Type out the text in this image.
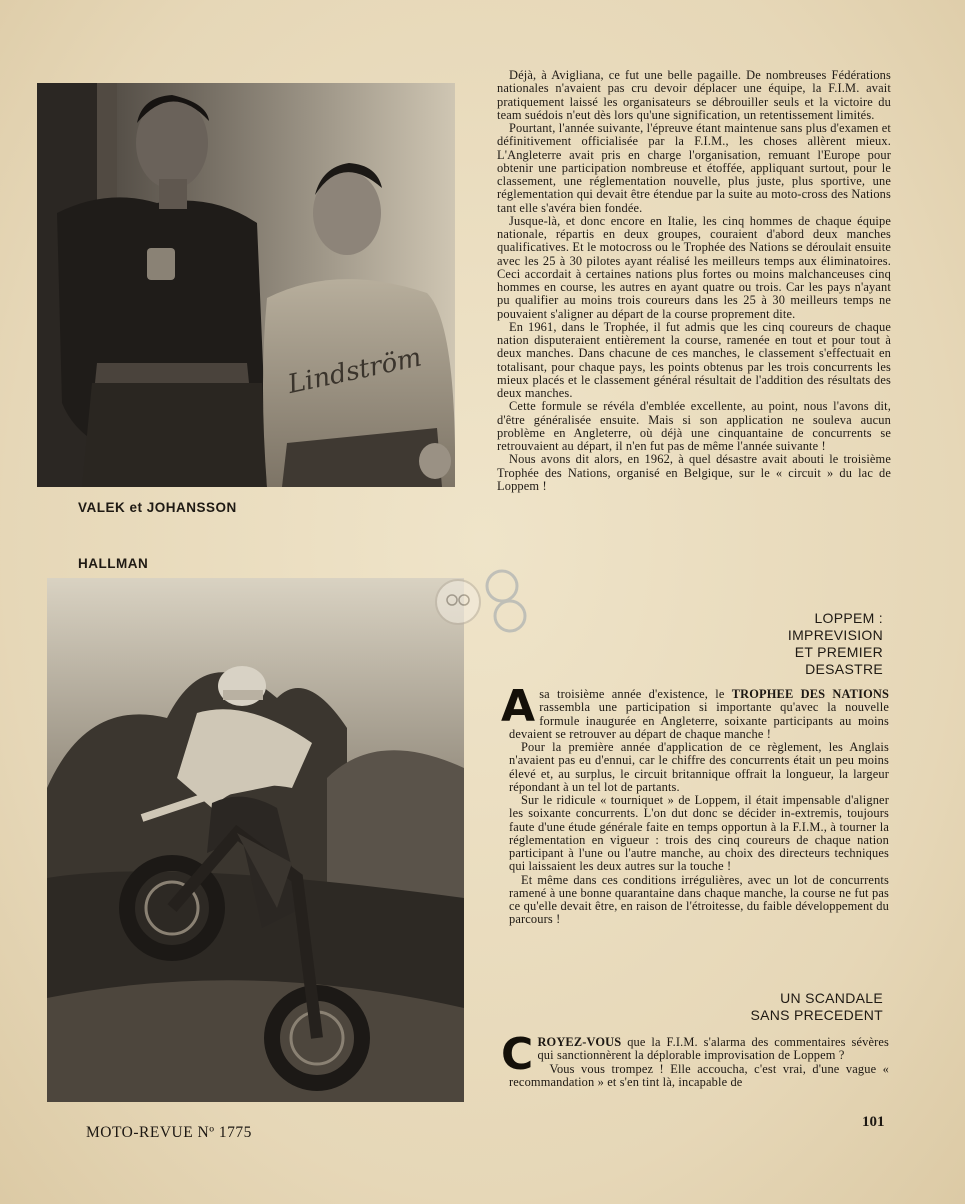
Lindström
VALEK et JOHANSSON
HALLMAN

Déjà, à Avigliana, ce fut une belle pagaille. De nombreuses Fédérations nationales n'avaient pas cru devoir déplacer une équipe, la F.I.M. avait pratiquement laissé les organisateurs se débrouiller seuls et la victoire du team suédois n'eut dès lors qu'une signification, un retentissement limités.

Pourtant, l'année suivante, l'épreuve étant maintenue sans plus d'examen et définitivement officialisée par la F.I.M., les choses allèrent mieux. L'Angleterre avait pris en charge l'organisation, remuant l'Europe pour obtenir une participation nombreuse et étoffée, appliquant surtout, pour le classement, une réglementation nouvelle, plus juste, plus sportive, une réglementation qui devait être étendue par la suite au moto-cross des Nations tant elle s'avéra bien fondée.

Jusque-là, et donc encore en Italie, les cinq hommes de chaque équipe nationale, répartis en deux groupes, couraient d'abord deux manches qualificatives. Et le motocross ou le Trophée des Nations se déroulait ensuite avec les 25 à 30 pilotes ayant réalisé les meilleurs temps aux éliminatoires. Ceci accordait à certaines nations plus fortes ou moins malchanceuses cinq hommes en course, les autres en ayant quatre ou trois. Car les pays n'ayant pu qualifier au moins trois coureurs dans les 25 à 30 meilleurs temps ne pouvaient s'aligner au départ de la course proprement dite.

En 1961, dans le Trophée, il fut admis que les cinq coureurs de chaque nation disputeraient entièrement la course, ramenée en tout et pour tout à deux manches. Dans chacune de ces manches, le classement s'effectuait en totalisant, pour chaque pays, les points obtenus par les trois concurrents les mieux placés et le classement général résultait de l'addition des résultats des deux manches.

Cette formule se révéla d'emblée excellente, au point, nous l'avons dit, d'être généralisée ensuite. Mais si son application ne souleva aucun problème en Angleterre, où déjà une cinquantaine de concurrents se retrouvaient au départ, il n'en fut pas de même l'année suivante !

Nous avons dit alors, en 1962, à quel désastre avait abouti le troisième Trophée des Nations, organisé en Belgique, sur le « circuit » du lac de Loppem !

LOPPEM :
IMPREVISION
ET PREMIER
DESASTRE

Asa troisième année d'existence, le TROPHEE DES NATIONS rassembla une participation si importante qu'avec la nouvelle formule inaugurée en Angleterre, soixante participants au moins devaient se retrouver au départ de chaque manche !

Pour la première année d'application de ce règlement, les Anglais n'avaient pas eu d'ennui, car le chiffre des concurrents était un peu moins élevé et, au surplus, le circuit britannique offrait la longueur, la largeur répondant à un tel lot de partants.

Sur le ridicule « tourniquet » de Loppem, il était impensable d'aligner les soixante concurrents. L'on dut donc se décider in-extremis, toujours faute d'une étude générale faite en temps opportun à la F.I.M., à tourner la réglementation en vigueur : trois des cinq coureurs de chaque nation participant à l'une ou l'autre manche, au choix des directeurs techniques qui laissaient les deux autres sur la touche !

Et même dans ces conditions irrégulières, avec un lot de concurrents ramené à une bonne quarantaine dans chaque manche, la course ne fut pas ce qu'elle devait être, en raison de l'étroitesse, du faible développement du parcours !

UN SCANDALE
SANS PRECEDENT

CROYEZ-VOUS que la F.I.M. s'alarma des commentaires sévères qui sanctionnèrent la déplorable improvisation de Loppem ?

Vous vous trompez ! Elle accoucha, c'est vrai, d'une vague « recommandation » et s'en tint là, incapable de

MOTO-REVUE Nº 1775
101
